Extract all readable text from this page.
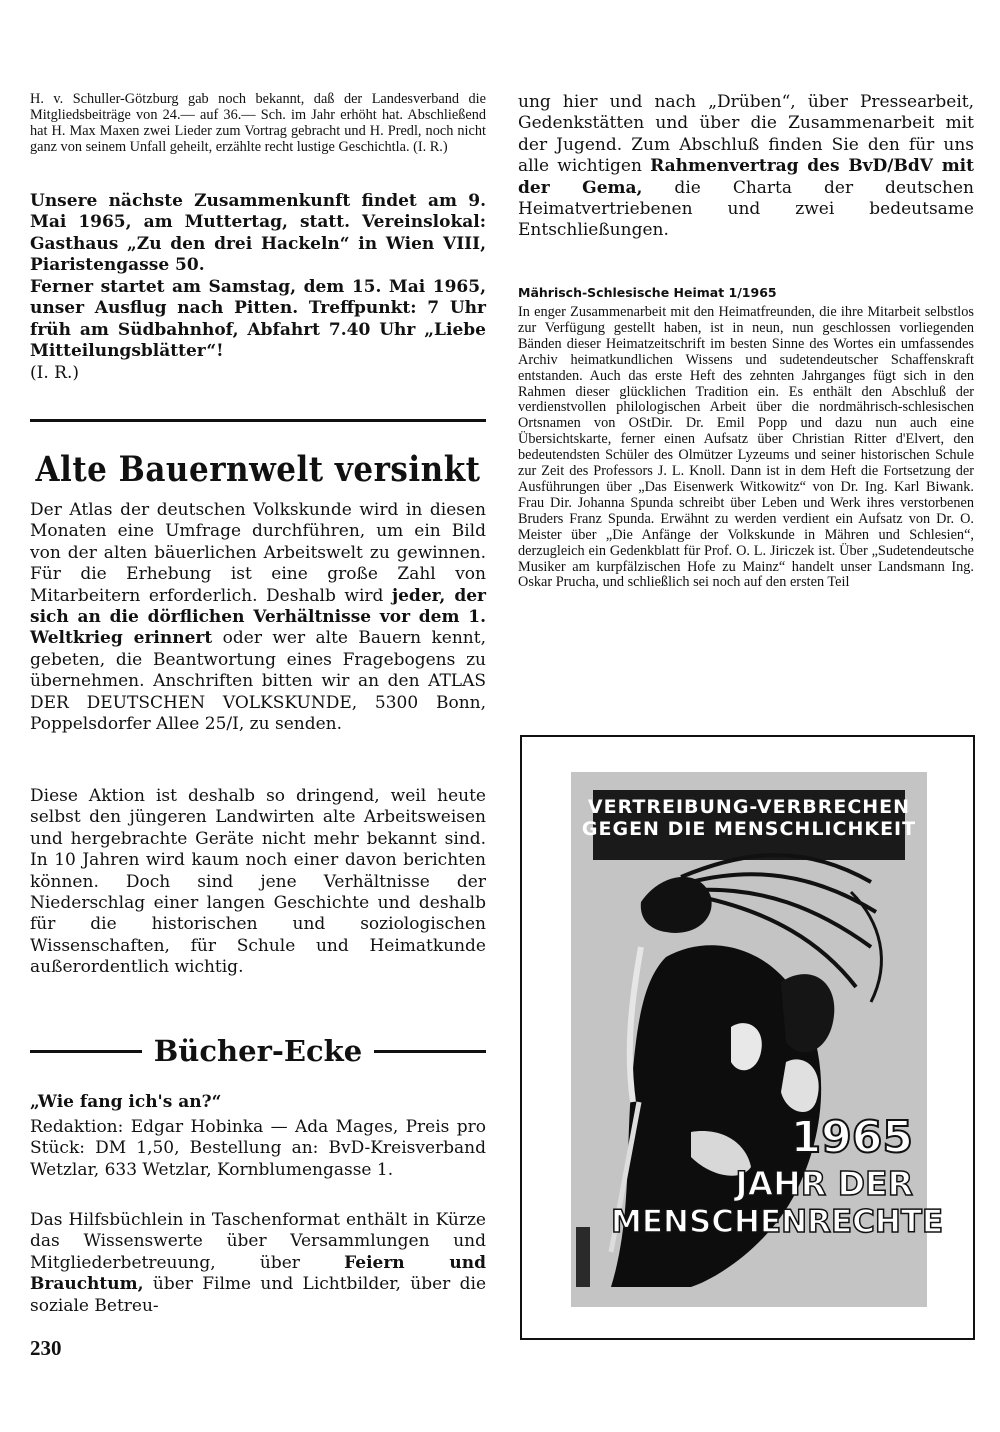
H. v. Schuller-Götzburg gab noch bekannt, daß der Landesverband die Mitgliedsbeiträge von 24.— auf 36.— Sch. im Jahr erhöht hat. Abschließend hat H. Max Maxen zwei Lieder zum Vortrag gebracht und H. Predl, noch nicht ganz von seinem Unfall geheilt, erzählte recht lustige Geschichtla. (I. R.)

Unsere nächste Zusammenkunft findet am 9. Mai 1965, am Muttertag, statt. Vereinslokal: Gasthaus „Zu den drei Hackeln“ in Wien VIII, Piaristengasse 50.

Ferner startet am Samstag, dem 15. Mai 1965, unser Ausflug nach Pitten. Treffpunkt: 7 Uhr früh am Südbahnhof, Abfahrt 7.40 Uhr „Liebe Mitteilungsblätter“!
(I. R.)

Alte Bauernwelt versinkt

Der Atlas der deutschen Volkskunde wird in diesen Monaten eine Umfrage durchführen, um ein Bild von der alten bäuerlichen Arbeitswelt zu gewinnen. Für die Erhebung ist eine große Zahl von Mitarbeitern erforderlich. Deshalb wird jeder, der sich an die dörflichen Verhältnisse vor dem 1. Weltkrieg erinnert oder wer alte Bauern kennt, gebeten, die Beantwortung eines Fragebogens zu übernehmen. Anschriften bitten wir an den ATLAS DER DEUTSCHEN VOLKSKUNDE, 5300 Bonn, Poppelsdorfer Allee 25/I, zu senden.

Diese Aktion ist deshalb so dringend, weil heute selbst den jüngeren Landwirten alte Arbeitsweisen und hergebrachte Geräte nicht mehr bekannt sind. In 10 Jahren wird kaum noch einer davon berichten können. Doch sind jene Verhältnisse der Niederschlag einer langen Geschichte und deshalb für die historischen und soziologischen Wissenschaften, für Schule und Heimatkunde außerordentlich wichtig.

Bücher-Ecke

„Wie fang ich's an?“

Redaktion: Edgar Hobinka — Ada Mages, Preis pro Stück: DM 1,50, Bestellung an: BvD-Kreisverband Wetzlar, 633 Wetzlar, Kornblumengasse 1.

Das Hilfsbüchlein in Taschenformat enthält in Kürze das Wissenswerte über Versammlungen und Mitgliederbetreuung, über Feiern und Brauchtum, über Filme und Lichtbilder, über die soziale Betreu-

230

ung hier und nach „Drüben“, über Pressearbeit, Gedenkstätten und über die Zusammenarbeit mit der Jugend. Zum Abschluß finden Sie den für uns alle wichtigen Rahmenvertrag des BvD/BdV mit der Gema, die Charta der deutschen Heimatvertriebenen und zwei bedeutsame Entschließungen.

Mährisch-Schlesische Heimat 1/1965

In enger Zusammenarbeit mit den Heimatfreunden, die ihre Mitarbeit selbstlos zur Verfügung gestellt haben, ist in neun, nun geschlossen vorliegenden Bänden dieser Heimatzeitschrift im besten Sinne des Wortes ein umfassendes Archiv heimatkundlichen Wissens und sudetendeutscher Schaffenskraft entstanden. Auch das erste Heft des zehnten Jahrganges fügt sich in den Rahmen dieser glücklichen Tradition ein. Es enthält den Abschluß der verdienstvollen philologischen Arbeit über die nordmährisch-schlesischen Ortsnamen von OStDir. Dr. Emil Popp und dazu nun auch eine Übersichtskarte, ferner einen Aufsatz über Christian Ritter d'Elvert, den bedeutendsten Schüler des Olmützer Lyzeums und seiner historischen Schule zur Zeit des Professors J. L. Knoll. Dann ist in dem Heft die Fortsetzung der Ausführungen über „Das Eisenwerk Witkowitz“ von Dr. Ing. Karl Biwank. Frau Dir. Johanna Spunda schreibt über Leben und Werk ihres verstorbenen Bruders Franz Spunda. Erwähnt zu werden verdient ein Aufsatz von Dr. O. Meister über „Die Anfänge der Volkskunde in Mähren und Schlesien“, derzugleich ein Gedenkblatt für Prof. O. L. Jiriczek ist. Über „Sudetendeutsche Musiker am kurpfälzischen Hofe zu Mainz“ handelt unser Landsmann Ing. Oskar Prucha, und schließlich sei noch auf den ersten Teil

VERTREIBUNG-VERBRECHEN
GEGEN DIE MENSCHLICHKEIT
1965
JAHR DER
MENSCHENRECHTE
